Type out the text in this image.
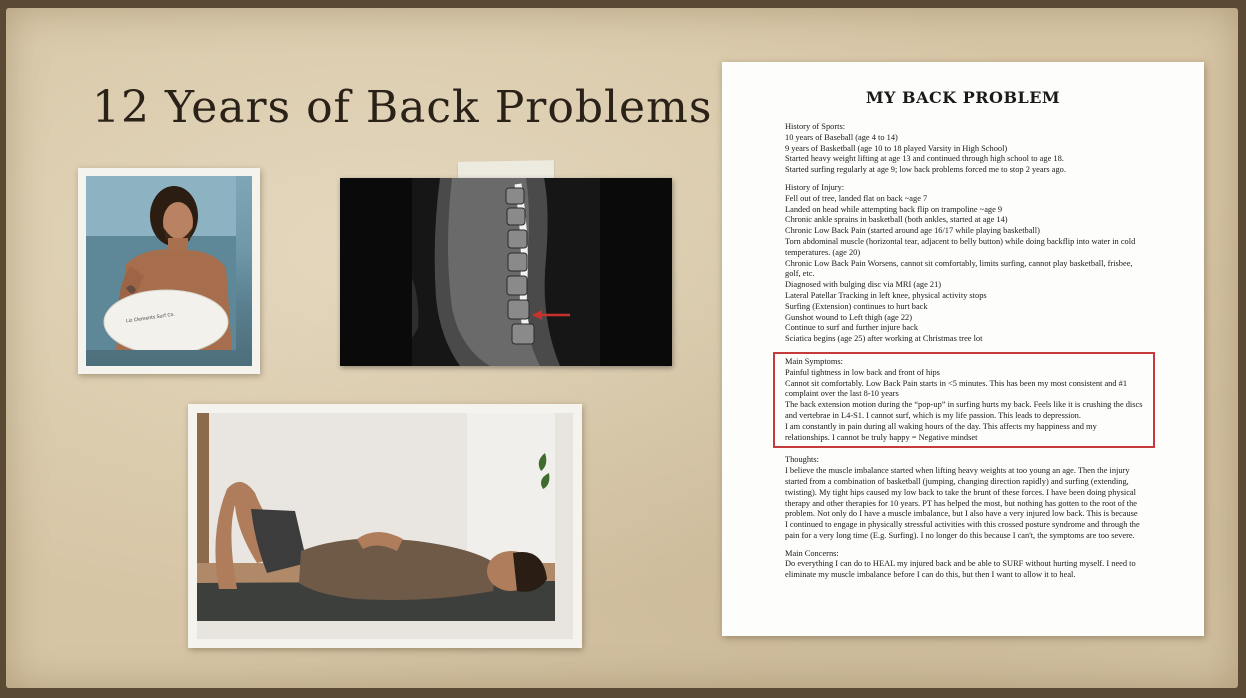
12 Years of Back Problems
Liz Clements Surf Co.
MY BACK PROBLEM
History of Sports:
10 years of Baseball (age 4 to 14)
9 years of Basketball (age 10 to 18 played Varsity in High School)
Started heavy weight lifting at age 13 and continued through high school to age 18.
Started surfing regularly at age 9; low back problems forced me to stop 2 years ago.
History of Injury:
Fell out of tree, landed flat on back ~age 7
Landed on head while attempting back flip on trampoline ~age 9
Chronic ankle sprains in basketball (both ankles, started at age 14)
Chronic Low Back Pain (started around age 16/17 while playing basketball)
Torn abdominal muscle (horizontal tear, adjacent to belly button) while doing backflip into water in cold temperatures. (age 20)
Chronic Low Back Pain Worsens, cannot sit comfortably, limits surfing, cannot play basketball, frisbee, golf, etc.
Diagnosed with bulging disc via MRI (age 21)
Lateral Patellar Tracking in left knee, physical activity stops
Surfing (Extension) continues to hurt back
Gunshot wound to Left thigh (age 22)
Continue to surf and further injure back
Sciatica begins (age 25) after working at Christmas tree lot
Main Symptoms:
Painful tightness in low back and front of hips
Cannot sit comfortably. Low Back Pain starts in <5 minutes. This has been my most consistent and #1 complaint over the last 8-10 years
The back extension motion during the “pop-up” in surfing hurts my back. Feels like it is crushing the discs and vertebrae in L4-S1. I cannot surf, which is my life passion. This leads to depression.
I am constantly in pain during all waking hours of the day. This affects my happiness and my relationships. I cannot be truly happy = Negative mindset
Thoughts:
I believe the muscle imbalance started when lifting heavy weights at too young an age. Then the injury started from a combination of basketball (jumping, changing direction rapidly) and surfing (extending, twisting). My tight hips caused my low back to take the brunt of these forces. I have been doing physical therapy and other therapies for 10 years. PT has helped the most, but nothing has gotten to the root of the problem. Not only do I have a muscle imbalance, but I also have a very injured low back. This is because I continued to engage in physically stressful activities with this crossed posture syndrome and through the pain for a very long time (E.g. Surfing). I no longer do this because I can't, the symptoms are too severe.
Main Concerns:
Do everything I can do to HEAL my injured back and be able to SURF without hurting myself. I need to eliminate my muscle imbalance before I can do this, but then I want to allow it to heal.
